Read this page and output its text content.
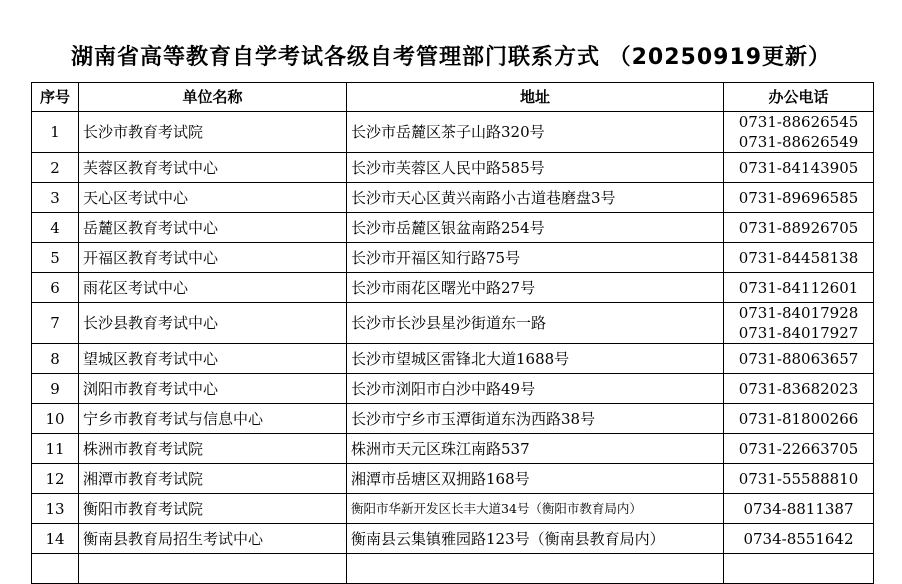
湖南省高等教育自学考试各级自考管理部门联系方式 （20250919更新）
序号	单位名称	地址	办公电话
1	长沙市教育考试院	长沙市岳麓区茶子山路320号	0731-88626545
0731-88626549

2	芙蓉区教育考试中心	长沙市芙蓉区人民中路585号	0731-84143905

3	天心区考试中心	长沙市天心区黄兴南路小古道巷磨盘3号	0731-89696585

4	岳麓区教育考试中心	长沙市岳麓区银盆南路254号	0731-88926705

5	开福区教育考试中心	长沙市开福区知行路75号	0731-84458138

6	雨花区考试中心	长沙市雨花区曙光中路27号	0731-84112601

7	长沙县教育考试中心	长沙市长沙县星沙街道东一路	0731-84017928
0731-84017927

8	望城区教育考试中心	长沙市望城区雷锋北大道1688号	0731-88063657

9	浏阳市教育考试中心	长沙市浏阳市白沙中路49号	0731-83682023

10	宁乡市教育考试与信息中心	长沙市宁乡市玉潭街道东沩西路38号	0731-81800266

11	株洲市教育考试院	株洲市天元区珠江南路537	0731-22663705

12	湘潭市教育考试院	湘潭市岳塘区双拥路168号	0731-55588810

13	衡阳市教育考试院	衡阳市华新开发区长丰大道34号（衡阳市教育局内）	0734-8811387

14	衡南县教育局招生考试中心	衡南县云集镇雅园路123号（衡南县教育局内）	0734-8551642
